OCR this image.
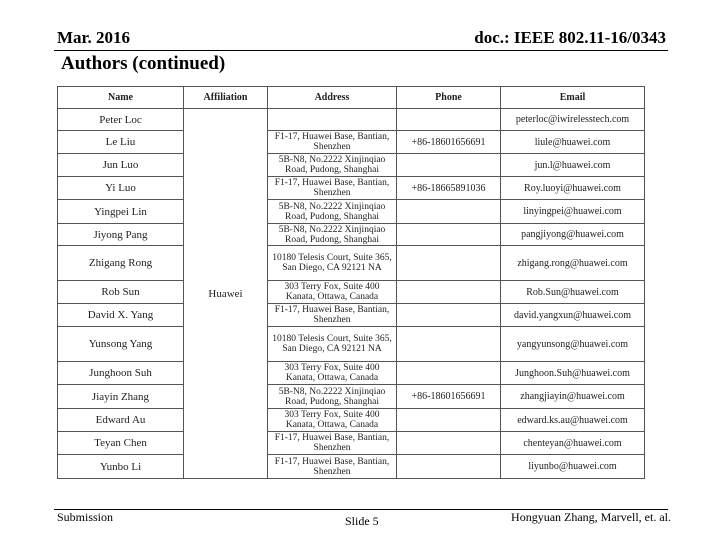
Mar. 2016	doc.: IEEE 802.11-16/0343
Authors (continued)
Name	Affiliation	Address	Phone	Email
Peter Loc	Huawei			peterloc@iwirelesstech.com
Le Liu		F1-17, Huawei Base, Bantian, Shenzhen	+86-18601656691	liule@huawei.com
Jun Luo		5B-N8, No.2222 Xinjinqiao Road, Pudong, Shanghai		jun.l@huawei.com
Yi Luo		F1-17, Huawei Base, Bantian, Shenzhen	+86-18665891036	Roy.luoyi@huawei.com
Yingpei Lin		5B-N8, No.2222 Xinjinqiao Road, Pudong, Shanghai		linyingpei@huawei.com
Jiyong Pang		5B-N8, No.2222 Xinjinqiao Road, Pudong, Shanghai		pangjiyong@huawei.com
Zhigang Rong		10180 Telesis Court, Suite 365, San Diego, CA 92121 NA		zhigang.rong@huawei.com
Rob Sun		303 Terry Fox, Suite 400 Kanata, Ottawa, Canada		Rob.Sun@huawei.com
David X. Yang		F1-17, Huawei Base, Bantian, Shenzhen		david.yangxun@huawei.com
Yunsong Yang		10180 Telesis Court, Suite 365, San Diego, CA 92121 NA		yangyunsong@huawei.com
Junghoon Suh		303 Terry Fox, Suite 400 Kanata, Ottawa, Canada		Junghoon.Suh@huawei.com
Jiayin Zhang		5B-N8, No.2222 Xinjinqiao Road, Pudong, Shanghai	+86-18601656691	zhangjiayin@huawei.com
Edward Au		303 Terry Fox, Suite 400 Kanata, Ottawa, Canada		edward.ks.au@huawei.com
Teyan Chen		F1-17, Huawei Base, Bantian, Shenzhen		chenteyan@huawei.com
Yunbo Li		F1-17, Huawei Base, Bantian, Shenzhen		liyunbo@huawei.com
Submission	Slide 5	Hongyuan Zhang, Marvell, et. al.
